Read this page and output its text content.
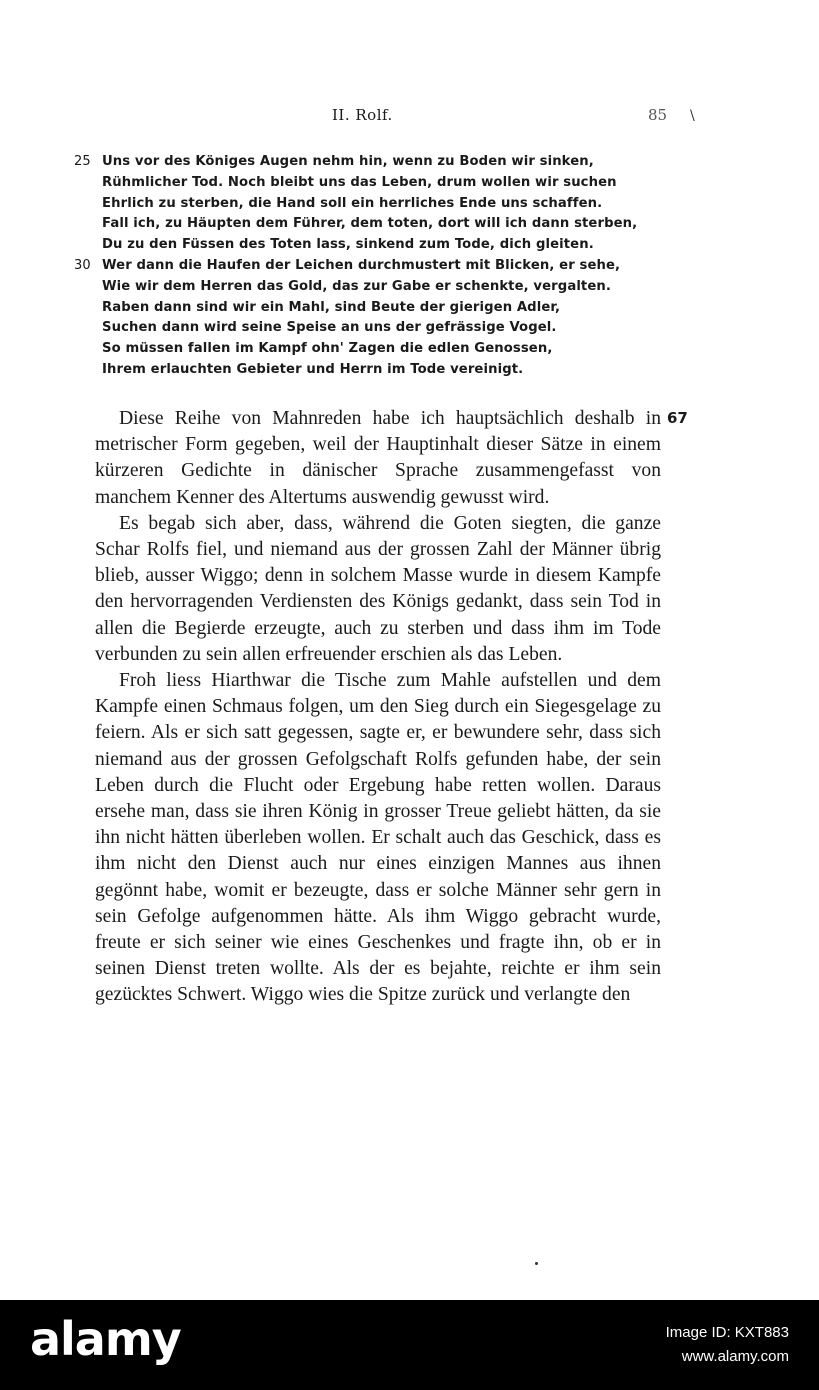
II. Rolf.	85 \
25 Uns vor des Königes Augen nehm hin, wenn zu Boden wir sinken,
Rühmlicher Tod. Noch bleibt uns das Leben, drum wollen wir suchen
Ehrlich zu sterben, die Hand soll ein herrliches Ende uns schaffen.
Fall ich, zu Häupten dem Führer, dem toten, dort will ich dann sterben,
Du zu den Füssen des Toten lass, sinkend zum Tode, dich gleiten.
30 Wer dann die Haufen der Leichen durchmustert mit Blicken, er sehe,
Wie wir dem Herren das Gold, das zur Gabe er schenkte, vergalten.
Raben dann sind wir ein Mahl, sind Beute der gierigen Adler,
Suchen dann wird seine Speise an uns der gefrässige Vogel.
So müssen fallen im Kampf ohn' Zagen die edlen Genossen,
Ihrem erlauchten Gebieter und Herrn im Tode vereinigt.
67

Diese Reihe von Mahnreden habe ich hauptsächlich deshalb in metrischer Form gegeben, weil der Hauptinhalt dieser Sätze in einem kürzeren Gedichte in dänischer Sprache zusammengefasst von manchem Kenner des Altertums auswendig gewusst wird.

Es begab sich aber, dass, während die Goten siegten, die ganze Schar Rolfs fiel, und niemand aus der grossen Zahl der Männer übrig blieb, ausser Wiggo; denn in solchem Masse wurde in diesem Kampfe den hervorragenden Verdiensten des Königs gedankt, dass sein Tod in allen die Begierde erzeugte, auch zu sterben und dass ihm im Tode verbunden zu sein allen erfreuender erschien als das Leben.

Froh liess Hiarthwar die Tische zum Mahle aufstellen und dem Kampfe einen Schmaus folgen, um den Sieg durch ein Siegesgelage zu feiern. Als er sich satt gegessen, sagte er, er bewundere sehr, dass sich niemand aus der grossen Gefolgschaft Rolfs gefunden habe, der sein Leben durch die Flucht oder Ergebung habe retten wollen. Daraus ersehe man, dass sie ihren König in grosser Treue geliebt hätten, da sie ihn nicht hätten überleben wollen. Er schalt auch das Geschick, dass es ihm nicht den Dienst auch nur eines einzigen Mannes aus ihnen gegönnt habe, womit er bezeugte, dass er solche Männer sehr gern in sein Gefolge aufgenommen hätte. Als ihm Wiggo gebracht wurde, freute er sich seiner wie eines Geschenkes und fragte ihn, ob er in seinen Dienst treten wollte. Als der es bejahte, reichte er ihm sein gezücktes Schwert. Wiggo wies die Spitze zurück und verlangte den

alamy	Image ID: KXT883
www.alamy.com
